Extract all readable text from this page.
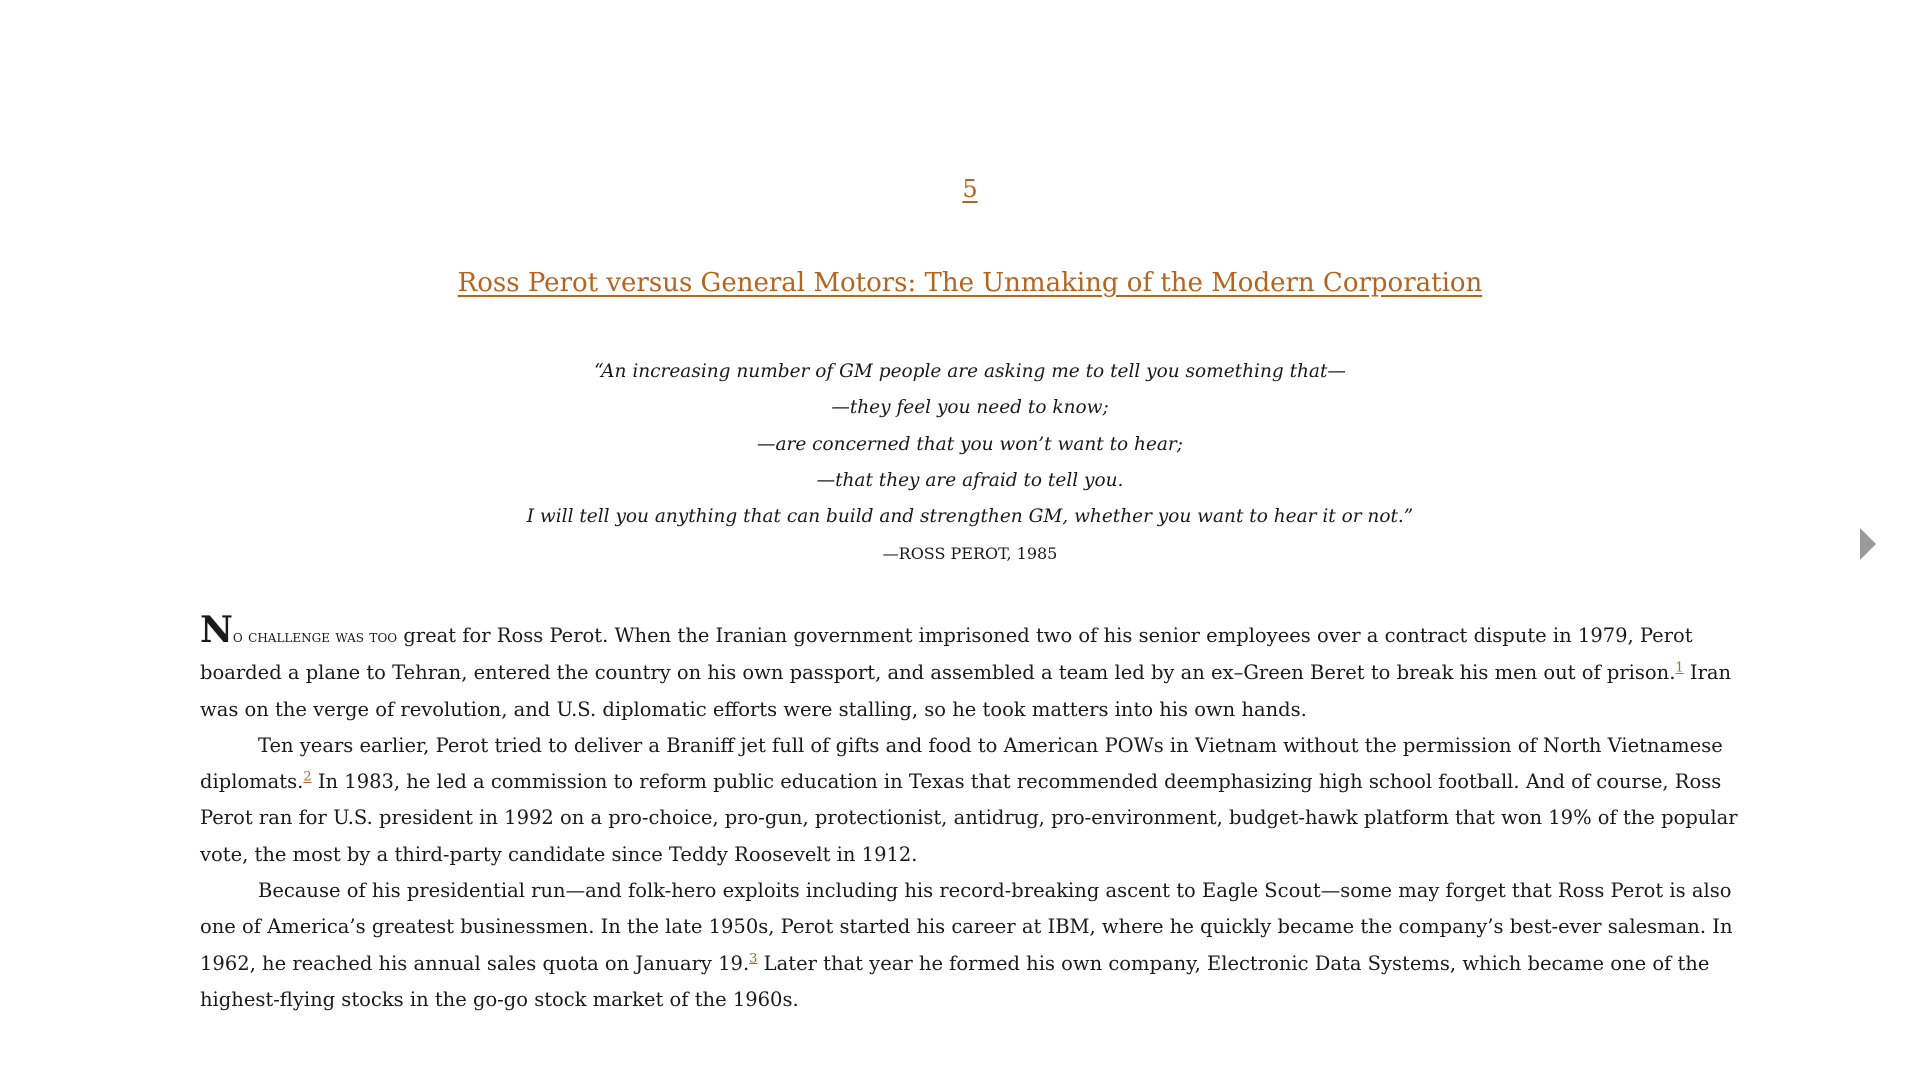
5
Ross Perot versus General Motors: The Unmaking of the Modern Corporation
“An increasing number of GM people are asking me to tell you something that—
—they feel you need to know;
—are concerned that you won’t want to hear;
—that they are afraid to tell you.
I will tell you anything that can build and strengthen GM, whether you want to hear it or not.”
—ROSS PEROT, 1985

No challenge was too great for Ross Perot. When the Iranian government imprisoned two of his senior employees over a contract dispute in 1979, Perot boarded a plane to Tehran, entered the country on his own passport, and assembled a team led by an ex–Green Beret to break his men out of prison.$^1$ Iran was on the verge of revolution, and U.S. diplomatic efforts were stalling, so he took matters into his own hands.

Ten years earlier, Perot tried to deliver a Braniff jet full of gifts and food to American POWs in Vietnam without the permission of North Vietnamese diplomats.$^2$ In 1983, he led a commission to reform public education in Texas that recommended deemphasizing high school football. And of course, Ross Perot ran for U.S. president in 1992 on a pro-choice, pro-gun, protectionist, antidrug, pro-environment, budget-hawk platform that won 19% of the popular vote, the most by a third-party candidate since Teddy Roosevelt in 1912.

Because of his presidential run—and folk-hero exploits including his record-breaking ascent to Eagle Scout—some may forget that Ross Perot is also one of America’s greatest businessmen. In the late 1950s, Perot started his career at IBM, where he quickly became the company’s best-ever salesman. In 1962, he reached his annual sales quota on January 19.$^3$ Later that year he formed his own company, Electronic Data Systems, which became one of the highest-flying stocks in the go-go stock market of the 1960s.
